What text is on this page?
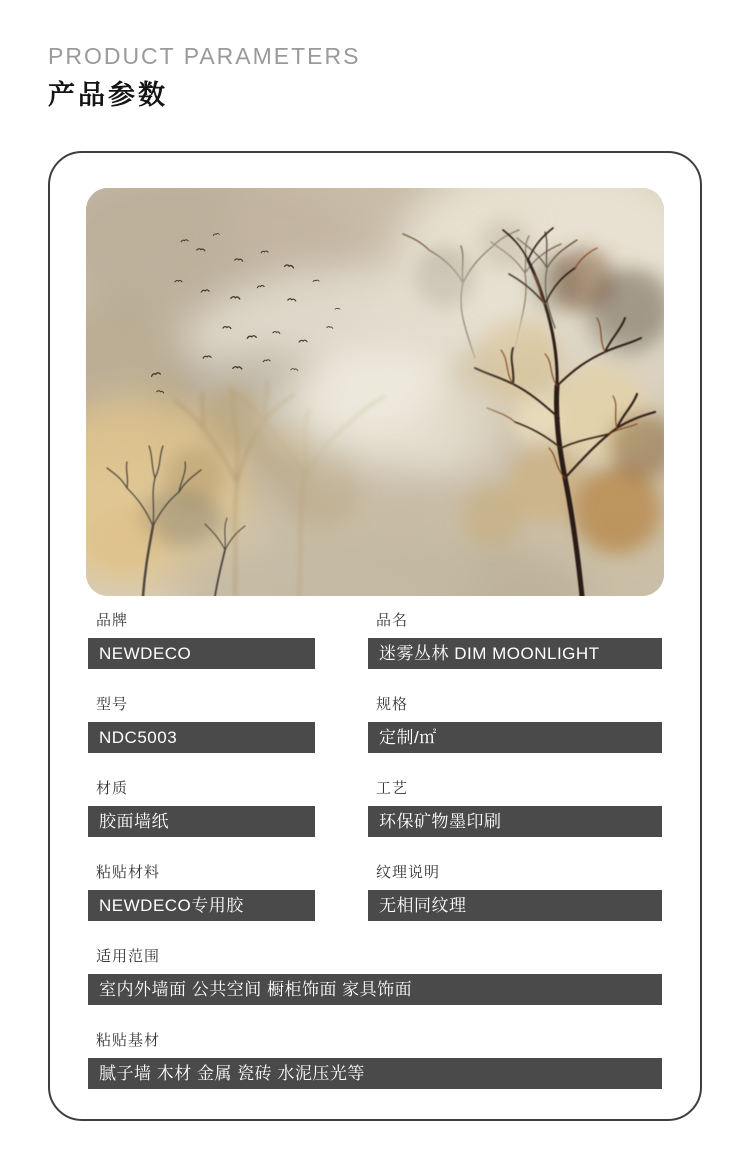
PRODUCT PARAMETERS
产品参数
品牌
NEWDECO
品名
迷雾丛林 DIM MOONLIGHT
型号
NDC5003
规格
定制/㎡
材质
胶面墙纸
工艺
环保矿物墨印刷
粘贴材料
NEWDECO专用胶
纹理说明
无相同纹理
适用范围
室内外墙面 公共空间 橱柜饰面 家具饰面
粘贴基材
腻子墙 木材 金属 瓷砖 水泥压光等
